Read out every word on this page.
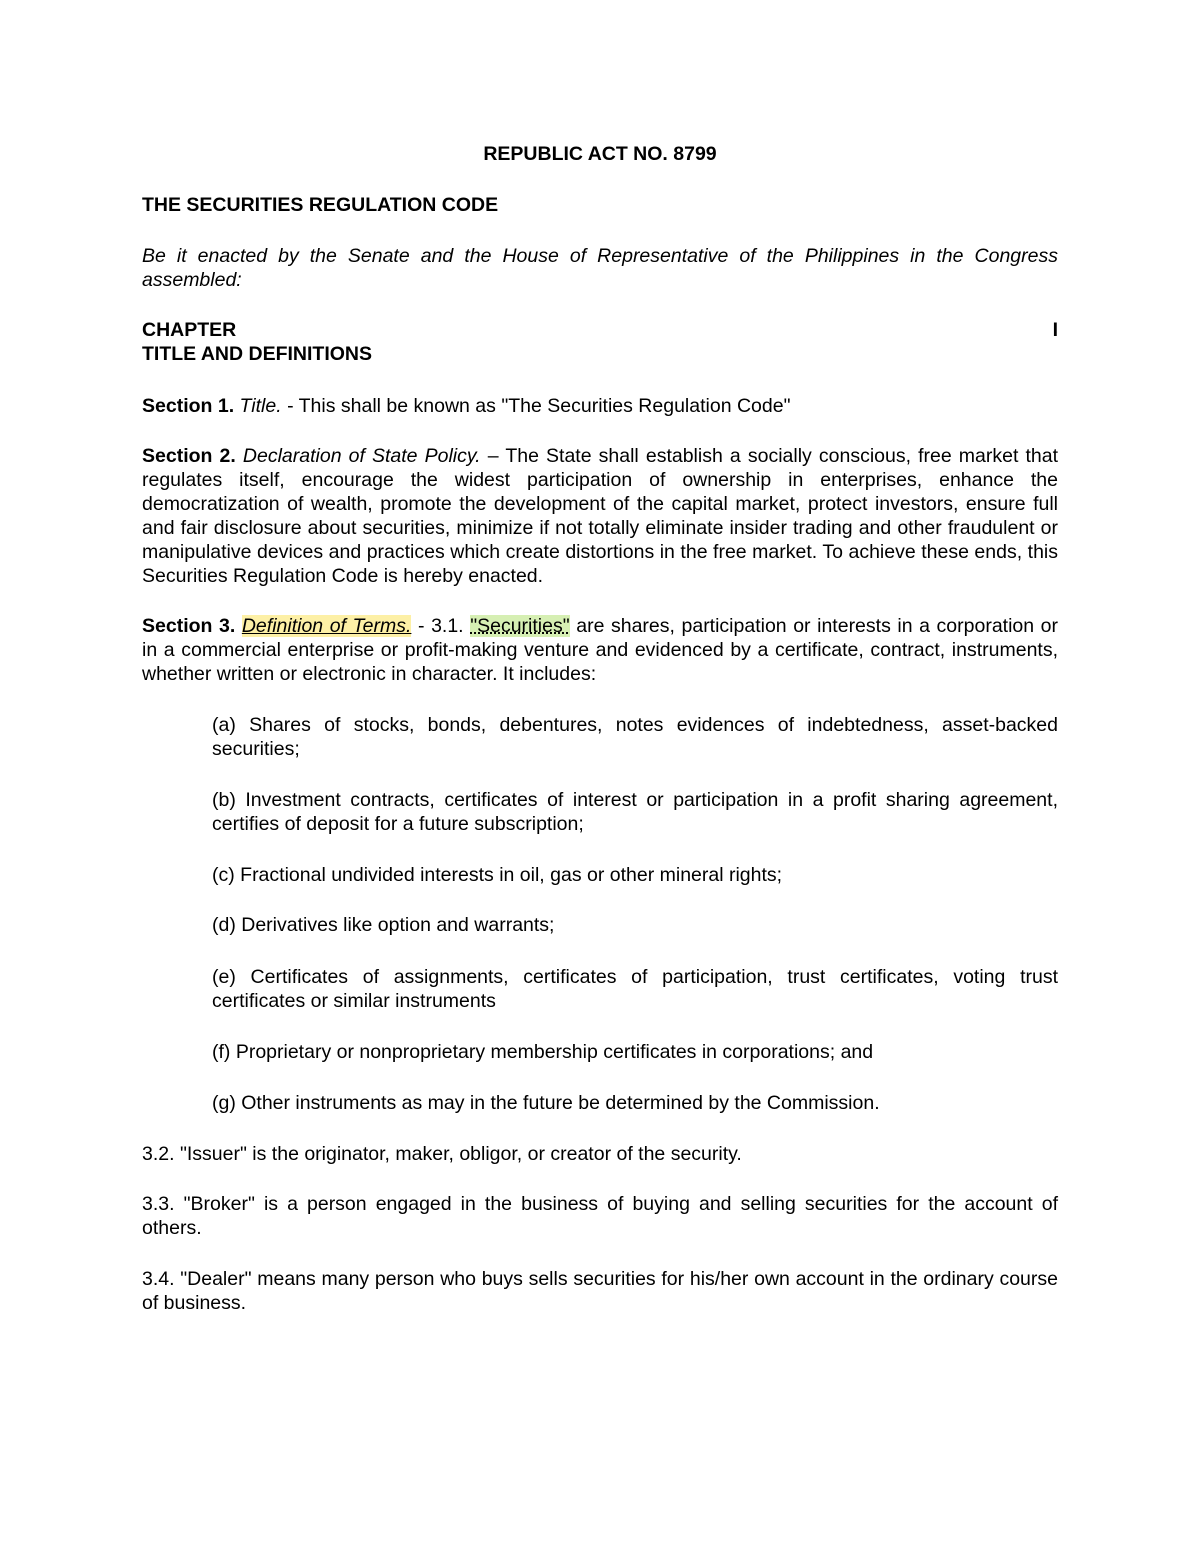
REPUBLIC ACT NO. 8799

THE SECURITIES REGULATION CODE

Be it enacted by the Senate and the House of Representative of the Philippines in the Congress assembled:

CHAPTER	I
TITLE AND DEFINITIONS

Section 1. Title. - This shall be known as "The Securities Regulation Code"

Section 2. Declaration of State Policy. – The State shall establish a socially conscious, free market that regulates itself, encourage the widest participation of ownership in enterprises, enhance the democratization of wealth, promote the development of the capital market, protect investors, ensure full and fair disclosure about securities, minimize if not totally eliminate insider trading and other fraudulent or manipulative devices and practices which create distortions in the free market. To achieve these ends, this Securities Regulation Code is hereby enacted.

Section 3. Definition of Terms. - 3.1. "Securities" are shares, participation or interests in a corporation or in a commercial enterprise or profit-making venture and evidenced by a certificate, contract, instruments, whether written or electronic in character. It includes:

(a) Shares of stocks, bonds, debentures, notes evidences of indebtedness, asset-backed securities;

(b) Investment contracts, certificates of interest or participation in a profit sharing agreement, certifies of deposit for a future subscription;

(c) Fractional undivided interests in oil, gas or other mineral rights;

(d) Derivatives like option and warrants;

(e) Certificates of assignments, certificates of participation, trust certificates, voting trust certificates or similar instruments

(f) Proprietary or nonproprietary membership certificates in corporations; and

(g) Other instruments as may in the future be determined by the Commission.

3.2. "Issuer" is the originator, maker, obligor, or creator of the security.

3.3. "Broker" is a person engaged in the business of buying and selling securities for the account of others.

3.4. "Dealer" means many person who buys sells securities for his/her own account in the ordinary course of business.
